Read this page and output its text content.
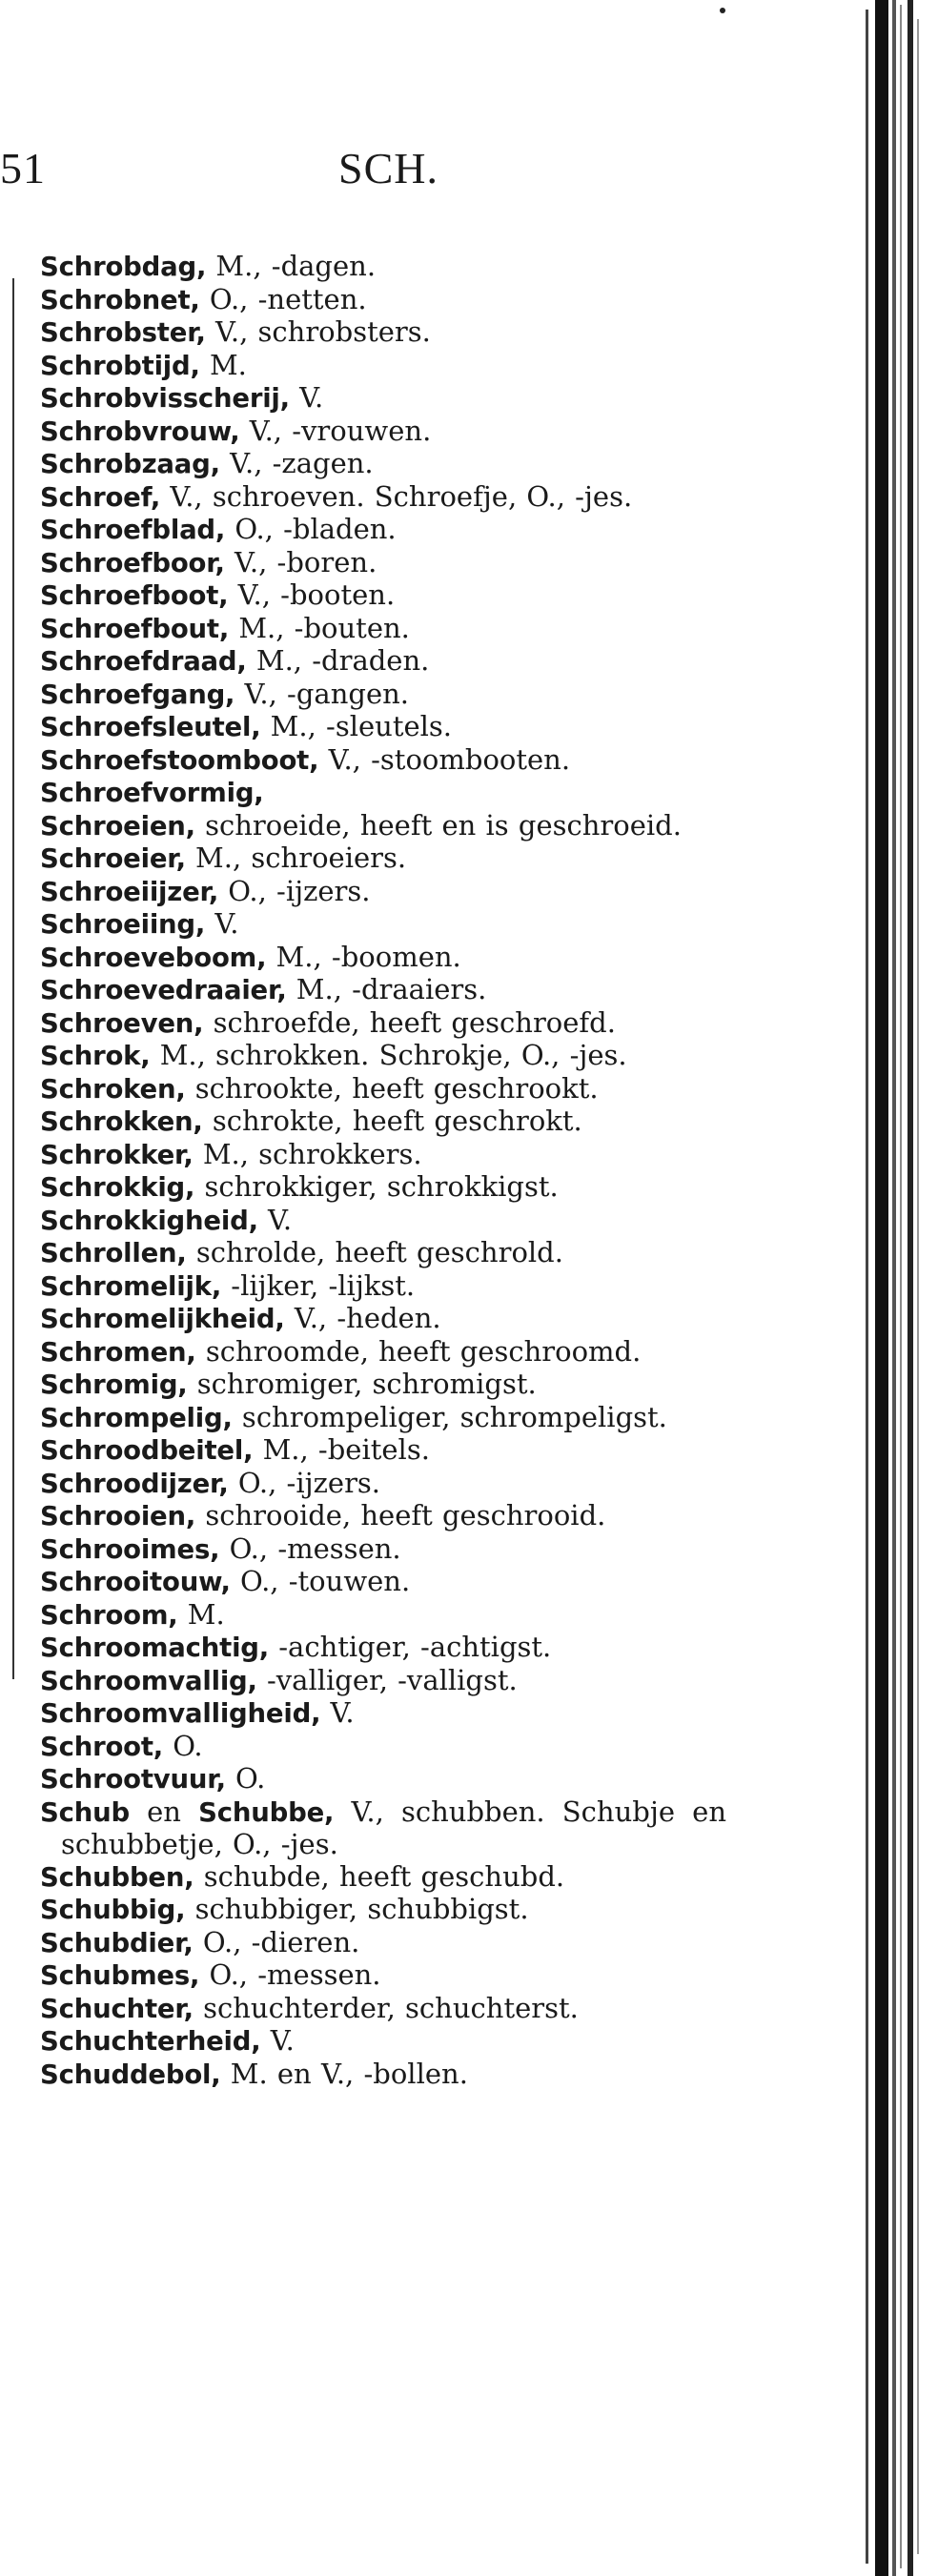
51	SCH.
Schrobdag, M., -dagen.
Schrobnet, O., -netten.
Schrobster, V., schrobsters.
Schrobtijd, M.
Schrobvisscherij, V.
Schrobvrouw, V., -vrouwen.
Schrobzaag, V., -zagen.
Schroef, V., schroeven. Schroefje, O., -jes.
Schroefblad, O., -bladen.
Schroefboor, V., -boren.
Schroefboot, V., -booten.
Schroefbout, M., -bouten.
Schroefdraad, M., -draden.
Schroefgang, V., -gangen.
Schroefsleutel, M., -sleutels.
Schroefstoomboot, V., -stoombooten.
Schroefvormig,
Schroeien, schroeide, heeft en is geschroeid.
Schroeier, M., schroeiers.
Schroeiijzer, O., -ijzers.
Schroeiing, V.
Schroeveboom, M., -boomen.
Schroevedraaier, M., -draaiers.
Schroeven, schroefde, heeft geschroefd.
Schrok, M., schrokken. Schrokje, O., -jes.
Schroken, schrookte, heeft geschrookt.
Schrokken, schrokte, heeft geschrokt.
Schrokker, M., schrokkers.
Schrokkig, schrokkiger, schrokkigst.
Schrokkigheid, V.
Schrollen, schrolde, heeft geschrold.
Schromelijk, -lijker, -lijkst.
Schromelijkheid, V., -heden.
Schromen, schroomde, heeft geschroomd.
Schromig, schromiger, schromigst.
Schrompelig, schrompeliger, schrompeligst.
Schroodbeitel, M., -beitels.
Schroodijzer, O., -ijzers.
Schrooien, schrooide, heeft geschrooid.
Schrooimes, O., -messen.
Schrooitouw, O., -touwen.
Schroom, M.
Schroomachtig, -achtiger, -achtigst.
Schroomvallig, -valliger, -valligst.
Schroomvalligheid, V.
Schroot, O.
Schrootvuur, O.
Schub en Schubbe, V., schubben. Schubje en schubbetje, O., -jes.
Schubben, schubde, heeft geschubd.
Schubbig, schubbiger, schubbigst.
Schubdier, O., -dieren.
Schubmes, O., -messen.
Schuchter, schuchterder, schuchterst.
Schuchterheid, V.
Schuddebol, M. en V., -bollen.
